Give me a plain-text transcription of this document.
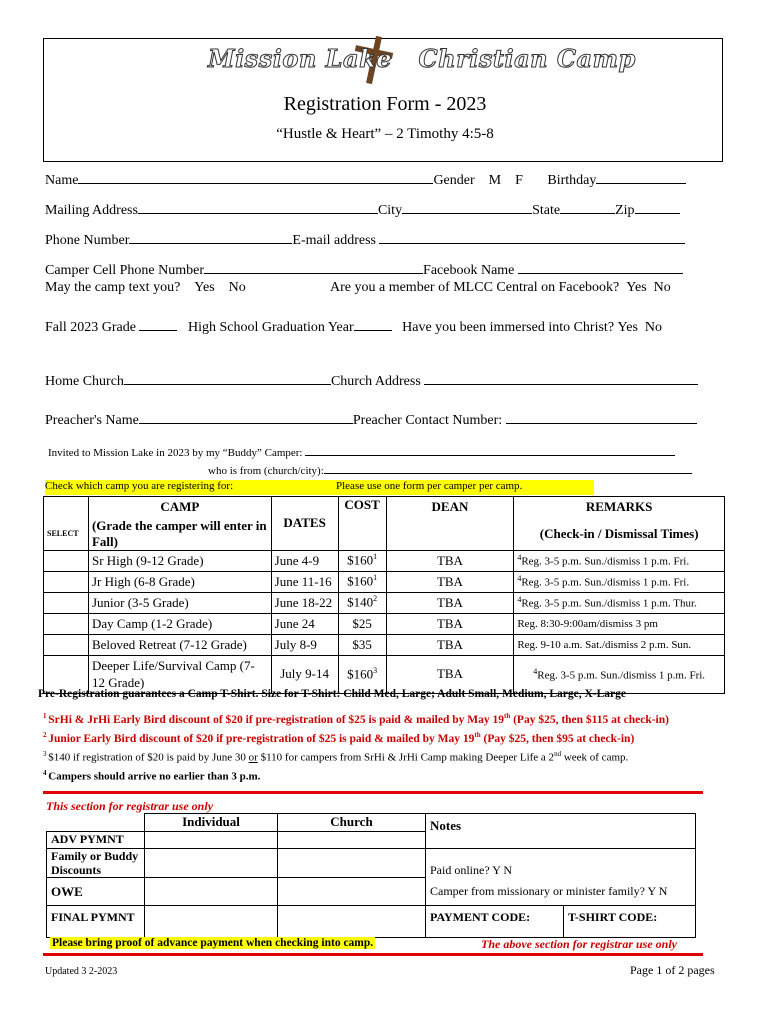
Mission Lake Christian Camp
Registration Form - 2023
“Hustle & Heart” – 2 Timothy 4:5-8
Name	Gender M F Birthday
Mailing Address	City	State	Zip
Phone Number	E-mail address
Camper Cell Phone Number	Facebook Name
May the camp text you? Yes No	Are you a member of MLCC Central on Facebook? Yes No
Fall 2023 Grade	High School Graduation Year	Have you been immersed into Christ? Yes No
Home Church	Church Address
Preacher's Name	Preacher Contact Number:
Invited to Mission Lake in 2023 by my “Buddy” Camper:
who is from (church/city):
Check which camp you are registering for:	Please use one form per camper per camp.
	CAMP	DATES	COST	DEAN	REMARKS
SELECT	(Grade the camper will enter in Fall)				(Check-in / Dismissal Times)
	Sr High (9-12 Grade)	June 4-9	$\$160^1$	TBA	$^4$Reg. 3-5 p.m. Sun./dismiss 1 p.m. Fri.
	Jr High (6-8 Grade)	June 11-16	$\$160^1$	TBA	$^4$Reg. 3-5 p.m. Sun./dismiss 1 p.m. Fri.
	Junior (3-5 Grade)	June 18-22	$\$140^2$	TBA	$^4$Reg. 3-5 p.m. Sun./dismiss 1 p.m. Thur.
	Day Camp (1-2 Grade)	June 24	$25	TBA	Reg. 8:30-9:00am/dismiss 3 pm
	Beloved Retreat (7-12 Grade)	July 8-9	$35	TBA	Reg. 9-10 a.m. Sat./dismiss 2 p.m. Sun.
	Deeper Life/Survival Camp (7-12 Grade)	July 9-14	$\$160^3$	TBA	$^4$Reg. 3-5 p.m. Sun./dismiss 1 p.m. Fri.
Pre-Registration guarantees a Camp T-Shirt. Size for T-Shirt: Child Med, Large; Adult Small, Medium, Large, X-Large
$^1$ SrHi & JrHi Early Bird discount of $20 if pre-registration of $25 is paid & mailed by May 19th (Pay $25, then $115 at check-in)
$^2$ Junior Early Bird discount of $20 if pre-registration of $25 is paid & mailed by May 19th (Pay $25, then $95 at check-in)
$^3$ $140 if registration of $20 is paid by June 30 or $110 for campers from SrHi & JrHi Camp making Deeper Life a 2nd week of camp.
$^4$ Campers should arrive no earlier than 3 p.m.
This section for registrar use only
	Individual	Church	Notes	
ADV PYMNT				
Family or Buddy Discounts			Paid online? Y N	
OWE			Camper from missionary or minister family? Y N	
FINAL PYMNT			PAYMENT CODE:	T-SHIRT CODE:
Please bring proof of advance payment when checking into camp.	The above section for registrar use only
Updated 3 2-2023	Page 1 of 2 pages
